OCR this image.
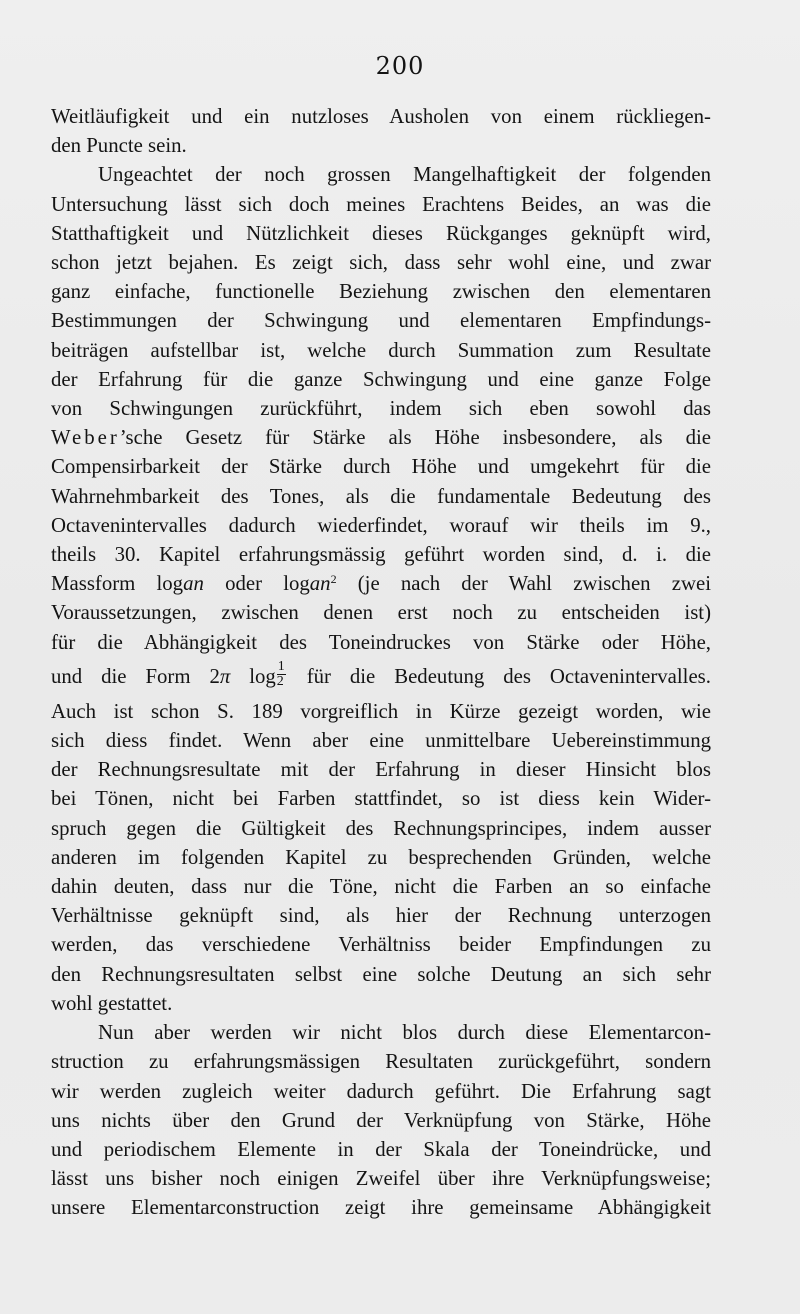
200

Weitläufigkeit und ein nutzloses Ausholen von einem rückliegen-

den Puncte sein.

Ungeachtet der noch grossen Mangelhaftigkeit der folgenden

Untersuchung lässt sich doch meines Erachtens Beides, an was die

Statthaftigkeit und Nützlichkeit dieses Rückganges geknüpft wird,

schon jetzt bejahen. Es zeigt sich, dass sehr wohl eine, und zwar

ganz einfache, functionelle Beziehung zwischen den elementaren

Bestimmungen der Schwingung und elementaren Empfindungs-

beiträgen aufstellbar ist, welche durch Summation zum Resultate

der Erfahrung für die ganze Schwingung und eine ganze Folge

von Schwingungen zurückführt, indem sich eben sowohl das

Weber’sche Gesetz für Stärke als Höhe insbesondere, als die

Compensirbarkeit der Stärke durch Höhe und umgekehrt für die

Wahrnehmbarkeit des Tones, als die fundamentale Bedeutung des

Octavenintervalles dadurch wiederfindet, worauf wir theils im 9.,

theils 30. Kapitel erfahrungsmässig geführt worden sind, d. i. die

Massform logan oder logan$^2$ (je nach der Wahl zwischen zwei

Voraussetzungen, zwischen denen erst noch zu entscheiden ist)

für die Abhängigkeit des Toneindruckes von Stärke oder Höhe,

und die Form 2π $\log \frac{1}{2}$ für die Bedeutung des Octavenintervalles.

Auch ist schon S. 189 vorgreiflich in Kürze gezeigt worden, wie

sich diess findet. Wenn aber eine unmittelbare Uebereinstimmung

der Rechnungsresultate mit der Erfahrung in dieser Hinsicht blos

bei Tönen, nicht bei Farben stattfindet, so ist diess kein Wider-

spruch gegen die Gültigkeit des Rechnungsprincipes, indem ausser

anderen im folgenden Kapitel zu besprechenden Gründen, welche

dahin deuten, dass nur die Töne, nicht die Farben an so einfache

Verhältnisse geknüpft sind, als hier der Rechnung unterzogen

werden, das verschiedene Verhältniss beider Empfindungen zu

den Rechnungsresultaten selbst eine solche Deutung an sich sehr

wohl gestattet.

Nun aber werden wir nicht blos durch diese Elementarcon-

struction zu erfahrungsmässigen Resultaten zurückgeführt, sondern

wir werden zugleich weiter dadurch geführt. Die Erfahrung sagt

uns nichts über den Grund der Verknüpfung von Stärke, Höhe

und periodischem Elemente in der Skala der Toneindrücke, und

lässt uns bisher noch einigen Zweifel über ihre Verknüpfungsweise;

unsere Elementarconstruction zeigt ihre gemeinsame Abhängigkeit
